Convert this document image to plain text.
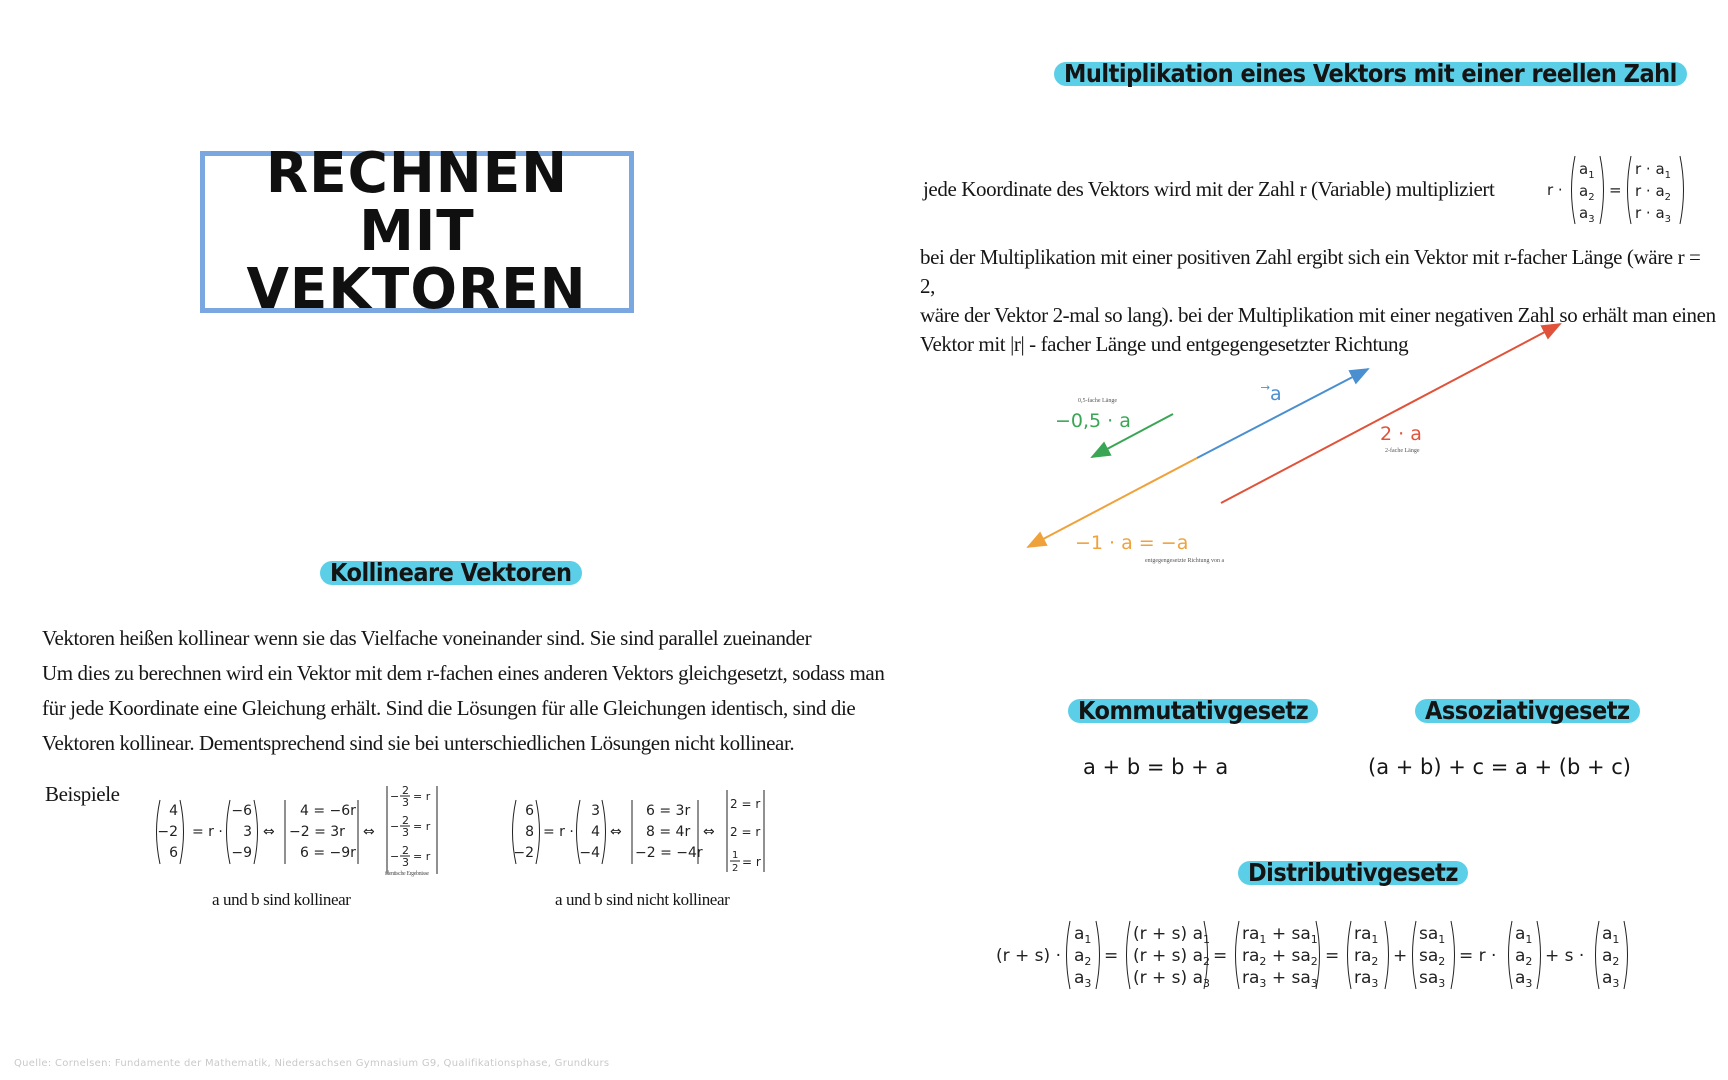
RECHNEN MIT
VEKTOREN
Kollineare Vektoren
Vektoren heißen kollinear wenn sie das Vielfache voneinander sind. Sie sind parallel zueinander
Um dies zu berechnen wird ein Vektor mit dem r-fachen eines anderen Vektors gleichgesetzt, sodass man
für jede Koordinate eine Gleichung erhält. Sind die Lösungen für alle Gleichungen identisch, sind die
Vektoren kollinear. Dementsprechend sind sie bei unterschiedlichen Lösungen nicht kollinear.
Beispiele
4
−2
6
= r ·
−6
3
−9
⇔
4 = −6r
−2 = 3r
6 = −9r
⇔
− 2
3 = r
− 2
3 = r
− 2
3 = r
identische Ergebnisse
6
8
−2
= r ·
3
4
−4
⇔
6 = 3r
8 = 4r
−2 = −4r
⇔
2 = r
2 = r
1
2 = r
a und b sind kollinear	a und b sind nicht kollinear
Multiplikation eines Vektors mit einer reellen Zahl
jede Koordinate des Vektors wird mit der Zahl r (Variable) multipliziert	r ·
$a_1$
$a_2$
$a_3$
=
$r \cdot a_1$
$r \cdot a_2$
$r \cdot a_3$
bei der Multiplikation mit einer positiven Zahl ergibt sich ein Vektor mit r-facher Länge (wäre r = 2,
wäre der Vektor 2-mal so lang). bei der Multiplikation mit einer negativen Zahl so erhält man einen
Vektor mit |r| - facher Länge und entgegengesetzter Richtung
a
−0,5 · a
0,5-fache Länge
2 · a
2-fache Länge
−1 · a = −a
entgegengesetzte Richtung von a
Kommutativgesetz
a + b = b + a
Assoziativgesetz
(a + b) + c = a + (b + c)
Distributivgesetz
(r + s) ·
$a_1$
$a_2$
$a_3$
=
(r + s) $a_1$
(r + s) $a_2$
(r + s) $a_3$
=
$ra_1 + sa_1$
$ra_2 + sa_2$
$ra_3 + sa_3$
=
$ra_1$
$ra_2$
$ra_3$
+
$sa_1$
$sa_2$
$sa_3$
= r ·
$a_1$
$a_2$
$a_3$
+ s ·
$a_1$
$a_2$
$a_3$
Quelle: Cornelsen: Fundamente der Mathematik, Niedersachsen Gymnasium G9, Qualifikationsphase, Grundkurs
